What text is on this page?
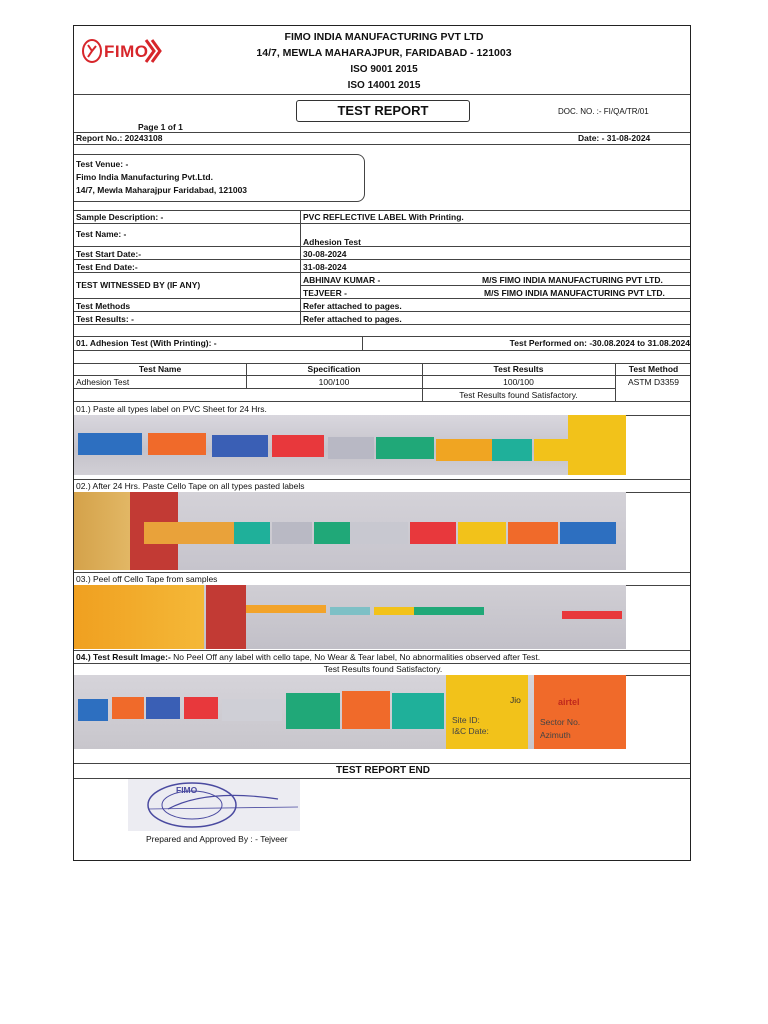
FIMO
FIMO INDIA MANUFACTURING PVT LTD
14/7, MEWLA MAHARAJPUR, FARIDABAD - 121003
ISO 9001 2015
ISO 14001 2015
TEST REPORT	DOC. NO. :- FI/QA/TR/01
Page 1 of 1
Report No.: 20243108	Date: - 31-08-2024
Test Venue: -
Fimo India Manufacturing Pvt.Ltd.
14/7, Mewla Maharajpur Faridabad, 121003
Sample Description: -	PVC REFLECTIVE LABEL With Printing.
Test Name: -
Adhesion Test
Test Start Date:-	30-08-2024
Test End Date:-	31-08-2024
TEST WITNESSED BY (IF ANY)	ABHINAV KUMAR -	M/S FIMO INDIA MANUFACTURING PVT LTD.
TEJVEER -	M/S FIMO INDIA MANUFACTURING PVT LTD.
Test Methods	Refer attached to pages.
Test Results: -	Refer attached to pages.
01. Adhesion Test (With Printing): -	Test Performed on: -30.08.2024 to 31.08.2024
Test Name	Specification	Test Results	Test Method
Adhesion Test	100/100	100/100	ASTM D3359
Test Results found Satisfactory.
01.) Paste all types label on PVC Sheet for 24 Hrs.
02.) After 24 Hrs. Paste Cello Tape on all types pasted labels
03.) Peel off Cello Tape from samples
04.) Test Result Image:- No Peel Off any label with cello tape, No Wear & Tear label, No abnormalities observed after Test.
Test Results found Satisfactory.
Jio	airtel
Site ID:
I&C Date:
Sector No.
Azimuth
TEST REPORT END
FIMO
Prepared and Approved By : - Tejveer
